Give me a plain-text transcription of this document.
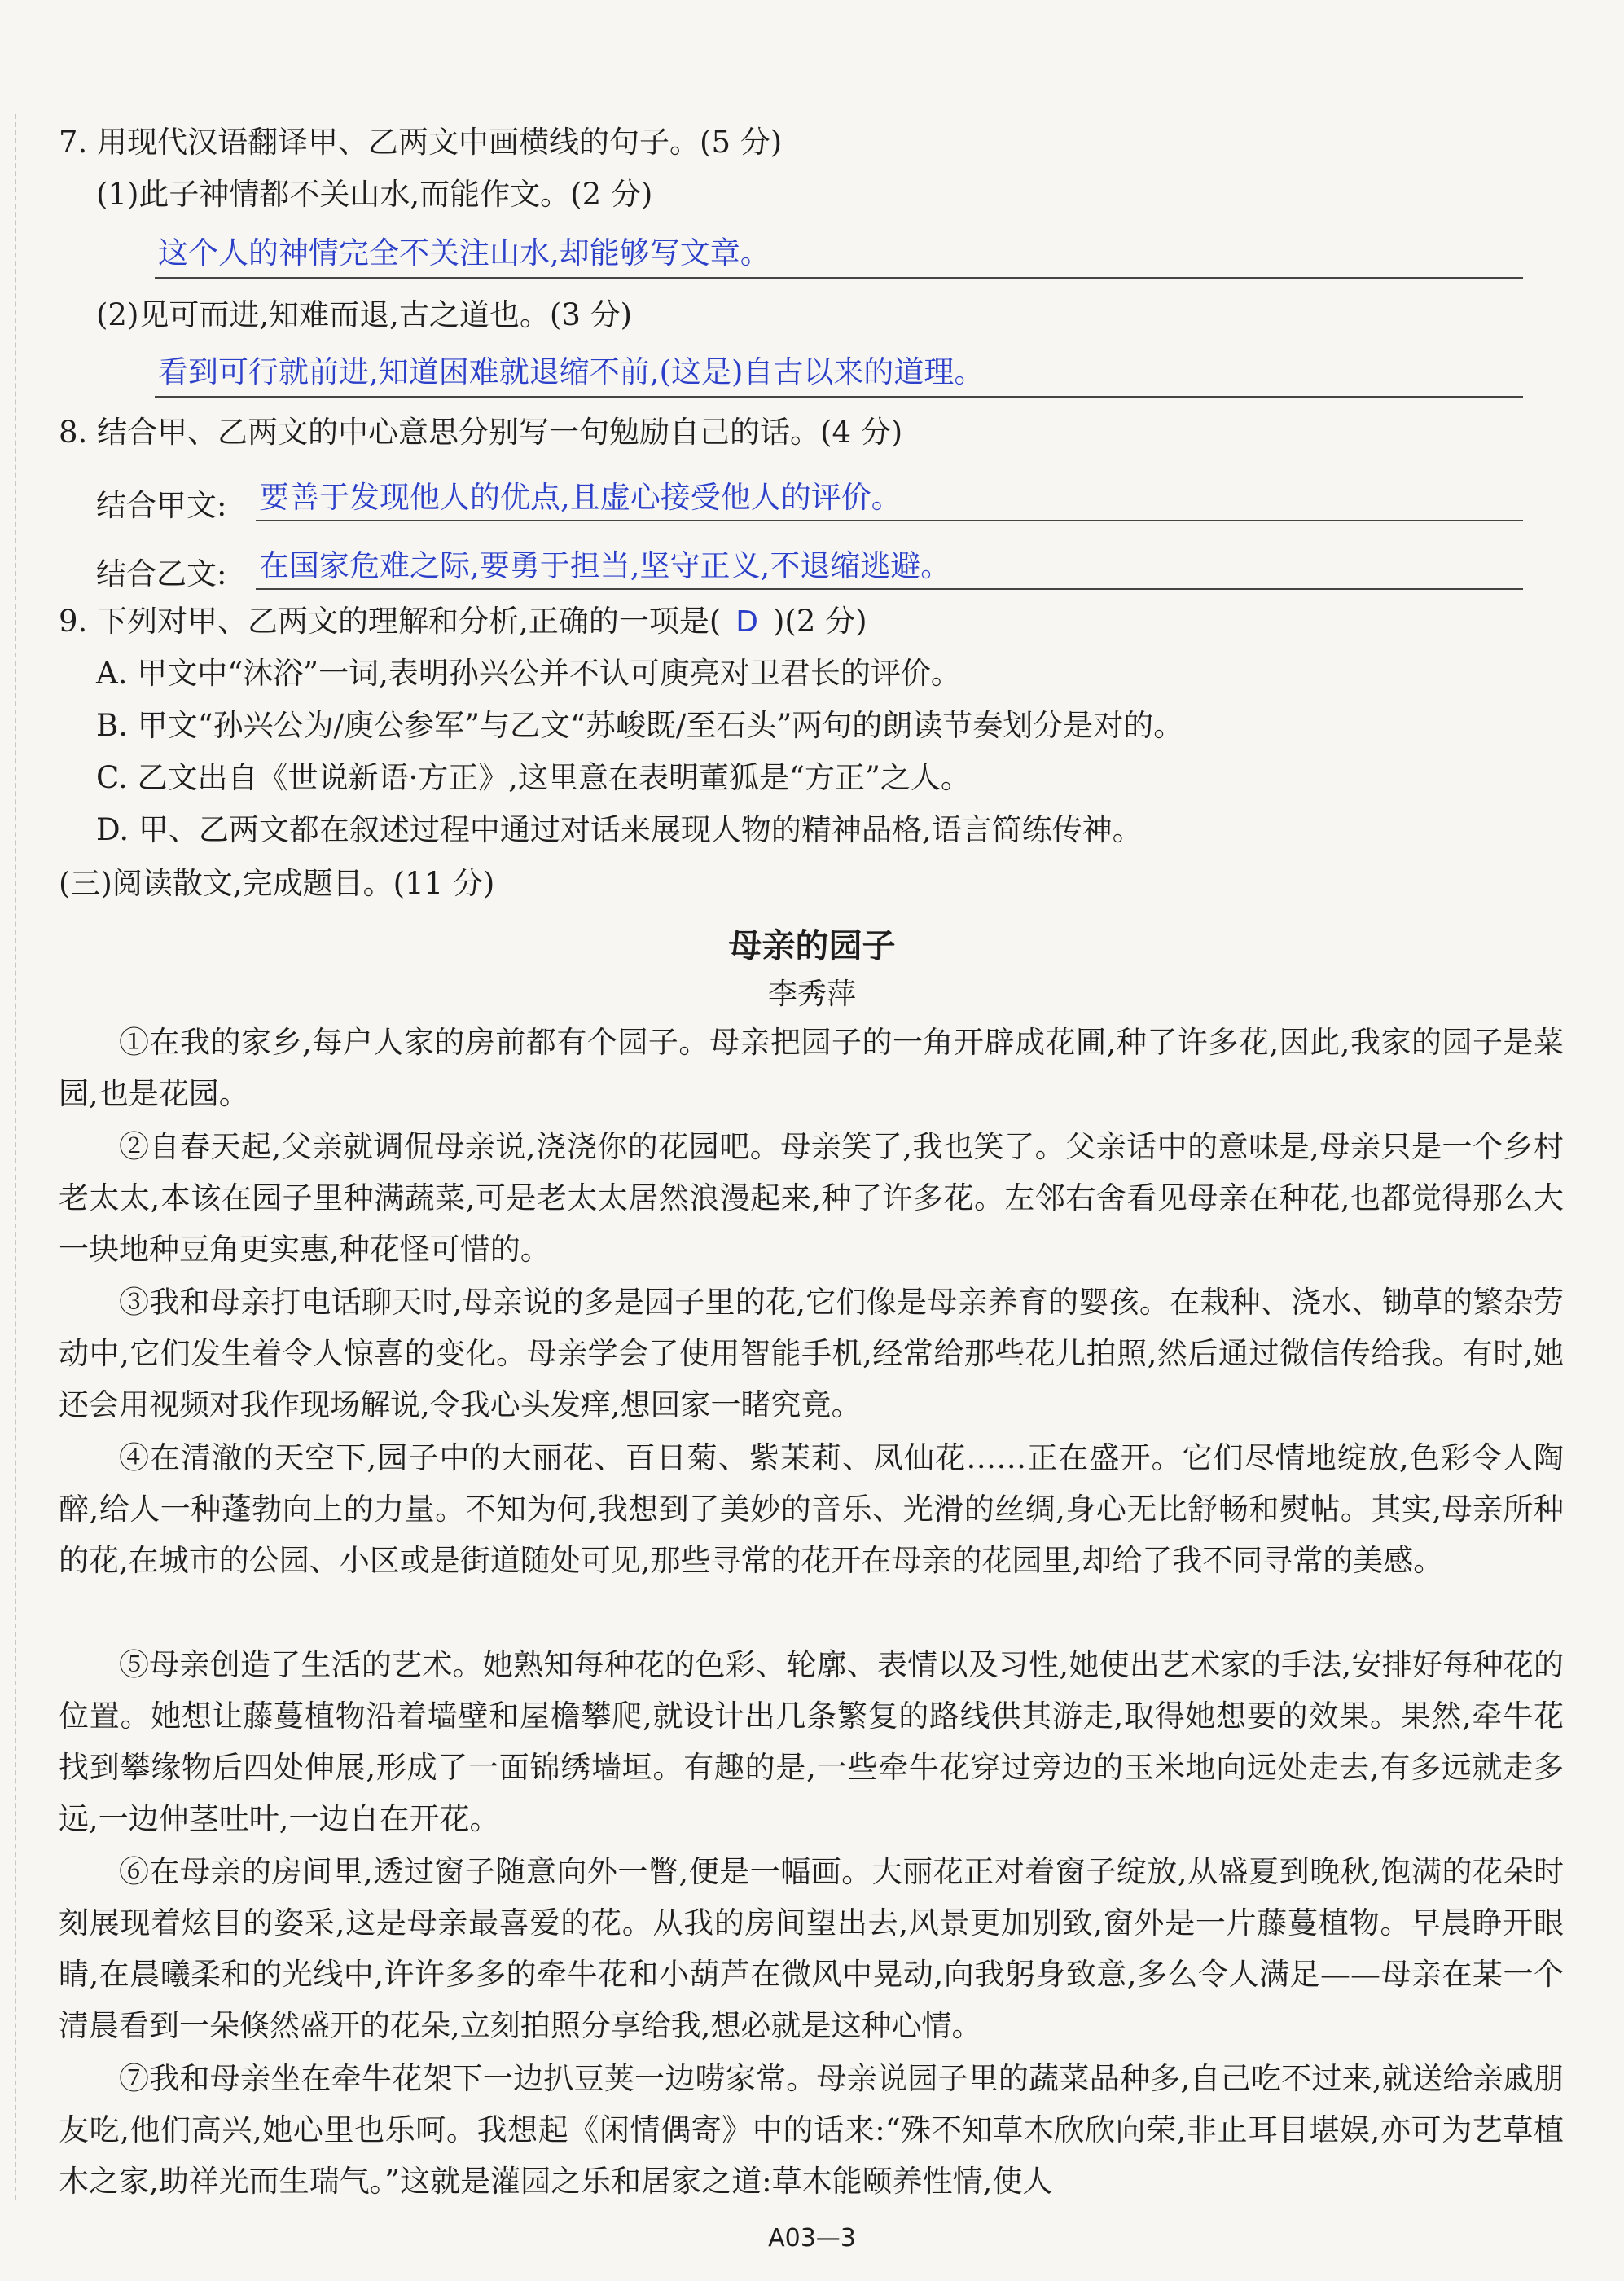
7. 用现代汉语翻译甲、乙两文中画横线的句子。(5 分)
(1)此子神情都不关山水,而能作文。(2 分)
这个人的神情完全不关注山水,却能够写文章。
(2)见可而进,知难而退,古之道也。(3 分)
看到可行就前进,知道困难就退缩不前,(这是)自古以来的道理。
8. 结合甲、乙两文的中心意思分别写一句勉励自己的话。(4 分)
结合甲文: 要善于发现他人的优点,且虚心接受他人的评价。
结合乙文: 在国家危难之际,要勇于担当,坚守正义,不退缩逃避。
9. 下列对甲、乙两文的理解和分析,正确的一项是( D )(2 分)
A. 甲文中“沐浴”一词,表明孙兴公并不认可庾亮对卫君长的评价。
B. 甲文“孙兴公为/庾公参军”与乙文“苏峻既/至石头”两句的朗读节奏划分是对的。
C. 乙文出自《世说新语·方正》,这里意在表明董狐是“方正”之人。
D. 甲、乙两文都在叙述过程中通过对话来展现人物的精神品格,语言简练传神。
(三)阅读散文,完成题目。(11 分)
母亲的园子
李秀萍
①在我的家乡,每户人家的房前都有个园子。母亲把园子的一角开辟成花圃,种了许多花,因此,我家的园子是菜园,也是花园。
②自春天起,父亲就调侃母亲说,浇浇你的花园吧。母亲笑了,我也笑了。父亲话中的意味是,母亲只是一个乡村老太太,本该在园子里种满蔬菜,可是老太太居然浪漫起来,种了许多花。左邻右舍看见母亲在种花,也都觉得那么大一块地种豆角更实惠,种花怪可惜的。
③我和母亲打电话聊天时,母亲说的多是园子里的花,它们像是母亲养育的婴孩。在栽种、浇水、锄草的繁杂劳动中,它们发生着令人惊喜的变化。母亲学会了使用智能手机,经常给那些花儿拍照,然后通过微信传给我。有时,她还会用视频对我作现场解说,令我心头发痒,想回家一睹究竟。
④在清澈的天空下,园子中的大丽花、百日菊、紫茉莉、凤仙花……正在盛开。它们尽情地绽放,色彩令人陶醉,给人一种蓬勃向上的力量。不知为何,我想到了美妙的音乐、光滑的丝绸,身心无比舒畅和熨帖。其实,母亲所种的花,在城市的公园、小区或是街道随处可见,那些寻常的花开在母亲的花园里,却给了我不同寻常的美感。
⑤母亲创造了生活的艺术。她熟知每种花的色彩、轮廓、表情以及习性,她使出艺术家的手法,安排好每种花的位置。她想让藤蔓植物沿着墙壁和屋檐攀爬,就设计出几条繁复的路线供其游走,取得她想要的效果。果然,牵牛花找到攀缘物后四处伸展,形成了一面锦绣墙垣。有趣的是,一些牵牛花穿过旁边的玉米地向远处走去,有多远就走多远,一边伸茎吐叶,一边自在开花。
⑥在母亲的房间里,透过窗子随意向外一瞥,便是一幅画。大丽花正对着窗子绽放,从盛夏到晚秋,饱满的花朵时刻展现着炫目的姿采,这是母亲最喜爱的花。从我的房间望出去,风景更加别致,窗外是一片藤蔓植物。早晨睁开眼睛,在晨曦柔和的光线中,许许多多的牵牛花和小葫芦在微风中晃动,向我躬身致意,多么令人满足——母亲在某一个清晨看到一朵倏然盛开的花朵,立刻拍照分享给我,想必就是这种心情。
⑦我和母亲坐在牵牛花架下一边扒豆荚一边唠家常。母亲说园子里的蔬菜品种多,自己吃不过来,就送给亲戚朋友吃,他们高兴,她心里也乐呵。我想起《闲情偶寄》中的话来:“殊不知草木欣欣向荣,非止耳目堪娱,亦可为艺草植木之家,助祥光而生瑞气。”这就是灌园之乐和居家之道:草木能颐养性情,使人
A03—3
